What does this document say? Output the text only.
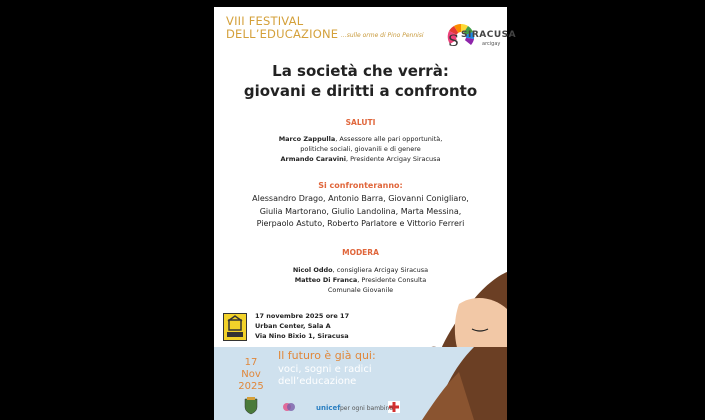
VIII FESTIVAL
DELL’EDUCAZIONE ...sulle orme di Pino Pennisi S SIRACUSA
arcigay
La società che verrà:
giovani e diritti a confronto
SALUTI
Marco Zappulla, Assessore alle pari opportunità,
politiche sociali, giovanili e di genere
Armando Caravini, Presidente Arcigay Siracusa
Si confronteranno:
Alessandro Drago, Antonio Barra, Giovanni Conigliaro,
Giulia Martorano, Giulio Landolina, Marta Messina,
Pierpaolo Astuto, Roberto Parlatore e Vittorio Ferreri
MODERA
Nicol Oddo, consigliera Arcigay Siracusa
Matteo Di Franca, Presidente Consulta
Comunale Giovanile
17 novembre 2025 ore 17
Urban Center, Sala A
Via Nino Bixio 1, Siracusa
17
Nov
2025
Il futuro è già qui:
voci, sogni e radici
dell’educazione
unicef per ogni bambino
